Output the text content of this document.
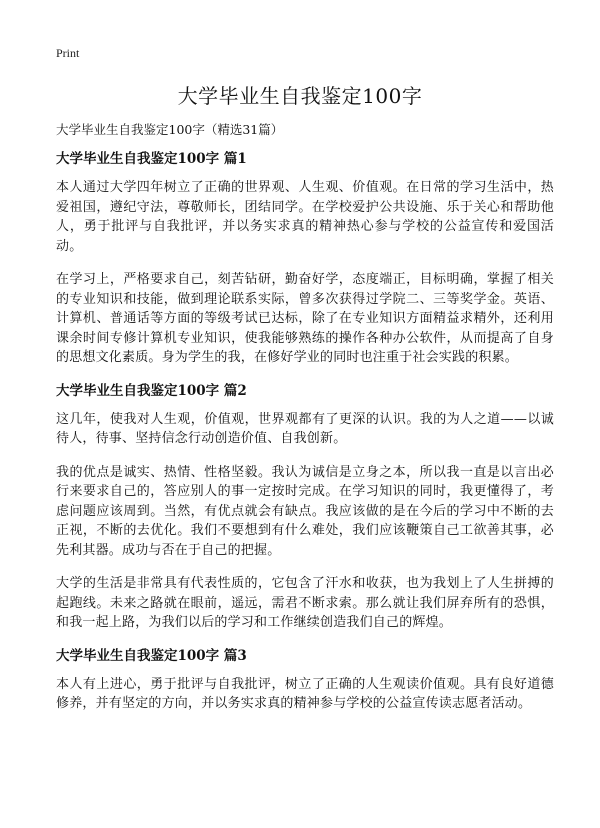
Print
大学毕业生自我鉴定100字

大学毕业生自我鉴定100字（精选31篇）

大学毕业生自我鉴定100字 篇1

本人通过大学四年树立了正确的世界观、人生观、价值观。在日常的学习生活中，热爱祖国，遵纪守法，尊敬师长，团结同学。在学校爱护公共设施、乐于关心和帮助他人，勇于批评与自我批评，并以务实求真的精神热心参与学校的公益宣传和爱国活动。

在学习上，严格要求自己，刻苦钻研，勤奋好学，态度端正，目标明确，掌握了相关的专业知识和技能，做到理论联系实际，曾多次获得过学院二、三等奖学金。英语、计算机、普通话等方面的等级考试已达标，除了在专业知识方面精益求精外，还利用课余时间专修计算机专业知识，使我能够熟练的操作各种办公软件，从而提高了自身的思想文化素质。身为学生的我，在修好学业的同时也注重于社会实践的积累。

大学毕业生自我鉴定100字 篇2

这几年，使我对人生观，价值观，世界观都有了更深的认识。我的为人之道——以诚待人，待事、坚持信念行动创造价值、自我创新。

我的优点是诚实、热情、性格坚毅。我认为诚信是立身之本，所以我一直是以言出必行来要求自己的，答应别人的事一定按时完成。在学习知识的同时，我更懂得了，考虑问题应该周到。当然，有优点就会有缺点。我应该做的是在今后的学习中不断的去正视，不断的去优化。我们不要想到有什么难处，我们应该鞭策自己工欲善其事，必先利其器。成功与否在于自己的把握。

大学的生活是非常具有代表性质的，它包含了汗水和收获，也为我划上了人生拼搏的起跑线。未来之路就在眼前，遥远，需君不断求索。那么就让我们屏弃所有的恐惧，和我一起上路，为我们以后的学习和工作继续创造我们自己的辉煌。

大学毕业生自我鉴定100字 篇3

本人有上进心，勇于批评与自我批评，树立了正确的人生观读价值观。具有良好道德修养，并有坚定的方向，并以务实求真的精神参与学校的公益宣传读志愿者活动。
